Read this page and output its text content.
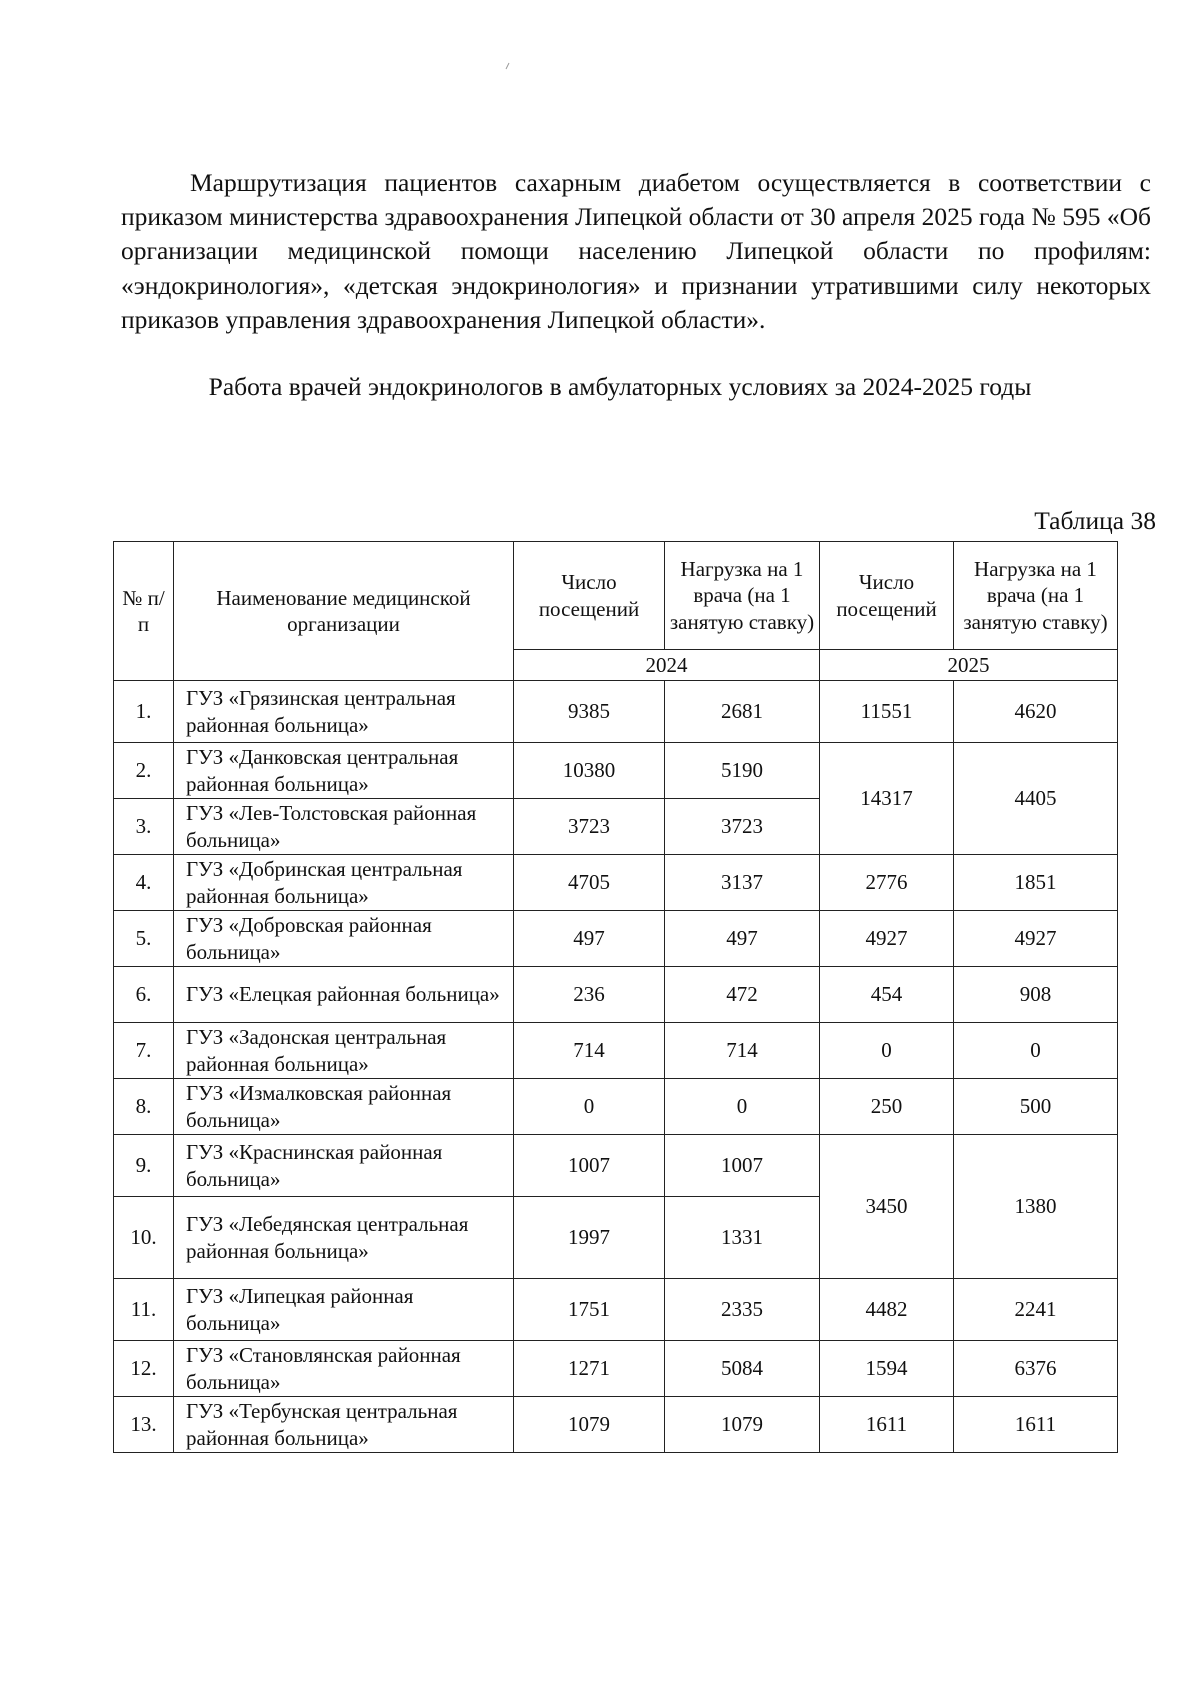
Маршрутизация пациентов сахарным диабетом осуществляется в соответствии с приказом министерства здравоохранения Липецкой области от 30 апреля 2025 года № 595 «Об организации медицинской помощи населению Липецкой области по профилям: «эндокринология», «детская эндокринология» и признании утратившими силу некоторых приказов управления здравоохранения Липецкой области».

Работа врачей эндокринологов в амбулаторных условиях за 2024-2025 годы

Таблица 38

№ п/п	Наименование медицинской организации	Число посещений	Нагрузка на 1 врача (на 1 занятую ставку)	Число посещений	Нагрузка на 1 врача (на 1 занятую ставку)
		2024		2025	
1.	ГУЗ «Грязинская центральная районная больница»	9385	2681	11551	4620
2.	ГУЗ «Данковская центральная районная больница»	10380	5190	14317	4405
3.	ГУЗ «Лев-Толстовская районная больница»	3723	3723		
4.	ГУЗ «Добринская центральная районная больница»	4705	3137	2776	1851
5.	ГУЗ «Добровская районная больница»	497	497	4927	4927
6.	ГУЗ «Елецкая районная больница»	236	472	454	908
7.	ГУЗ «Задонская центральная районная больница»	714	714	0	0
8.	ГУЗ «Измалковская районная больница»	0	0	250	500
9.	ГУЗ «Краснинская районная больница»	1007	1007	3450	1380
10.	ГУЗ «Лебедянская центральная районная больница»	1997	1331		
11.	ГУЗ «Липецкая районная больница»	1751	2335	4482	2241
12.	ГУЗ «Становлянская районная больница»	1271	5084	1594	6376
13.	ГУЗ «Тербунская центральная районная больница»	1079	1079	1611	1611
